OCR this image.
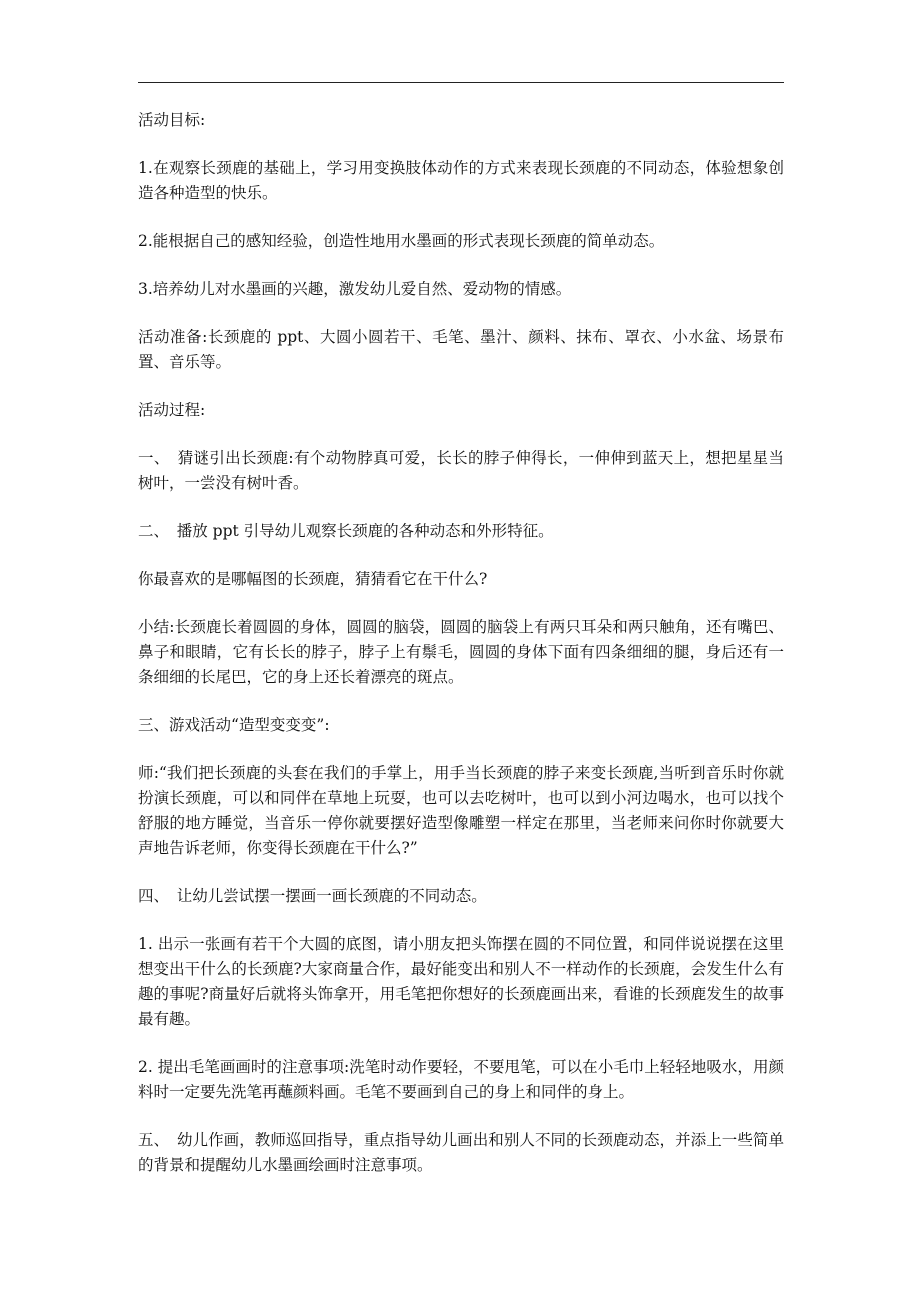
活动目标:

1.在观察长颈鹿的基础上，学习用变换肢体动作的方式来表现长颈鹿的不同动态，体验想象创造各种造型的快乐。

2.能根据自己的感知经验，创造性地用水墨画的形式表现长颈鹿的简单动态。

3.培养幼儿对水墨画的兴趣，激发幼儿爱自然、爱动物的情感。

活动准备:长颈鹿的 ppt、大圆小圆若干、毛笔、墨汁、颜料、抹布、罩衣、小水盆、场景布置、音乐等。

活动过程:

一、　猜谜引出长颈鹿:有个动物脖真可爱，长长的脖子伸得长，一伸伸到蓝天上，想把星星当树叶，一尝没有树叶香。

二、　播放 ppt 引导幼儿观察长颈鹿的各种动态和外形特征。

你最喜欢的是哪幅图的长颈鹿，猜猜看它在干什么?

小结:长颈鹿长着圆圆的身体，圆圆的脑袋，圆圆的脑袋上有两只耳朵和两只触角，还有嘴巴、鼻子和眼睛，它有长长的脖子，脖子上有鬃毛，圆圆的身体下面有四条细细的腿，身后还有一条细细的长尾巴，它的身上还长着漂亮的斑点。

三、游戏活动“造型变变变”:

师:“我们把长颈鹿的头套在我们的手掌上，用手当长颈鹿的脖子来变长颈鹿,当听到音乐时你就扮演长颈鹿，可以和同伴在草地上玩耍，也可以去吃树叶，也可以到小河边喝水，也可以找个舒服的地方睡觉，当音乐一停你就要摆好造型像雕塑一样定在那里，当老师来问你时你就要大声地告诉老师，你变得长颈鹿在干什么?”

四、　让幼儿尝试摆一摆画一画长颈鹿的不同动态。

1. 出示一张画有若干个大圆的底图，请小朋友把头饰摆在圆的不同位置，和同伴说说摆在这里想变出干什么的长颈鹿?大家商量合作，最好能变出和别人不一样动作的长颈鹿，会发生什么有趣的事呢?商量好后就将头饰拿开，用毛笔把你想好的长颈鹿画出来，看谁的长颈鹿发生的故事最有趣。

2. 提出毛笔画画时的注意事项:洗笔时动作要轻，不要甩笔，可以在小毛巾上轻轻地吸水，用颜料时一定要先洗笔再蘸颜料画。毛笔不要画到自己的身上和同伴的身上。

五、　幼儿作画，教师巡回指导，重点指导幼儿画出和别人不同的长颈鹿动态，并添上一些简单的背景和提醒幼儿水墨画绘画时注意事项。
